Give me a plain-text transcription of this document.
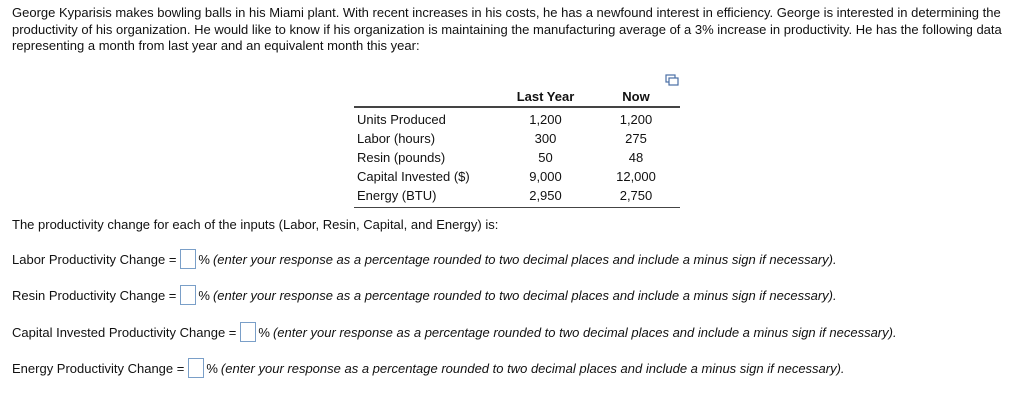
George Kyparisis makes bowling balls in his Miami plant. With recent increases in his costs, he has a newfound interest in efficiency. George is interested in determining the productivity of his organization. He would like to know if his organization is maintaining the manufacturing average of a 3% increase in productivity. He has the following data representing a month from last year and an equivalent month this year:

	Last Year	Now
Units Produced	1,200	1,200
Labor (hours)	300	275
Resin (pounds)	50	48
Capital Invested ($)	9,000	12,000
Energy (BTU)	2,950	2,750

The productivity change for each of the inputs (Labor, Resin, Capital, and Energy) is:

Labor Productivity Change = % (enter your response as a percentage rounded to two decimal places and include a minus sign if necessary).
Resin Productivity Change = % (enter your response as a percentage rounded to two decimal places and include a minus sign if necessary).
Capital Invested Productivity Change = % (enter your response as a percentage rounded to two decimal places and include a minus sign if necessary).
Energy Productivity Change = % (enter your response as a percentage rounded to two decimal places and include a minus sign if necessary).
